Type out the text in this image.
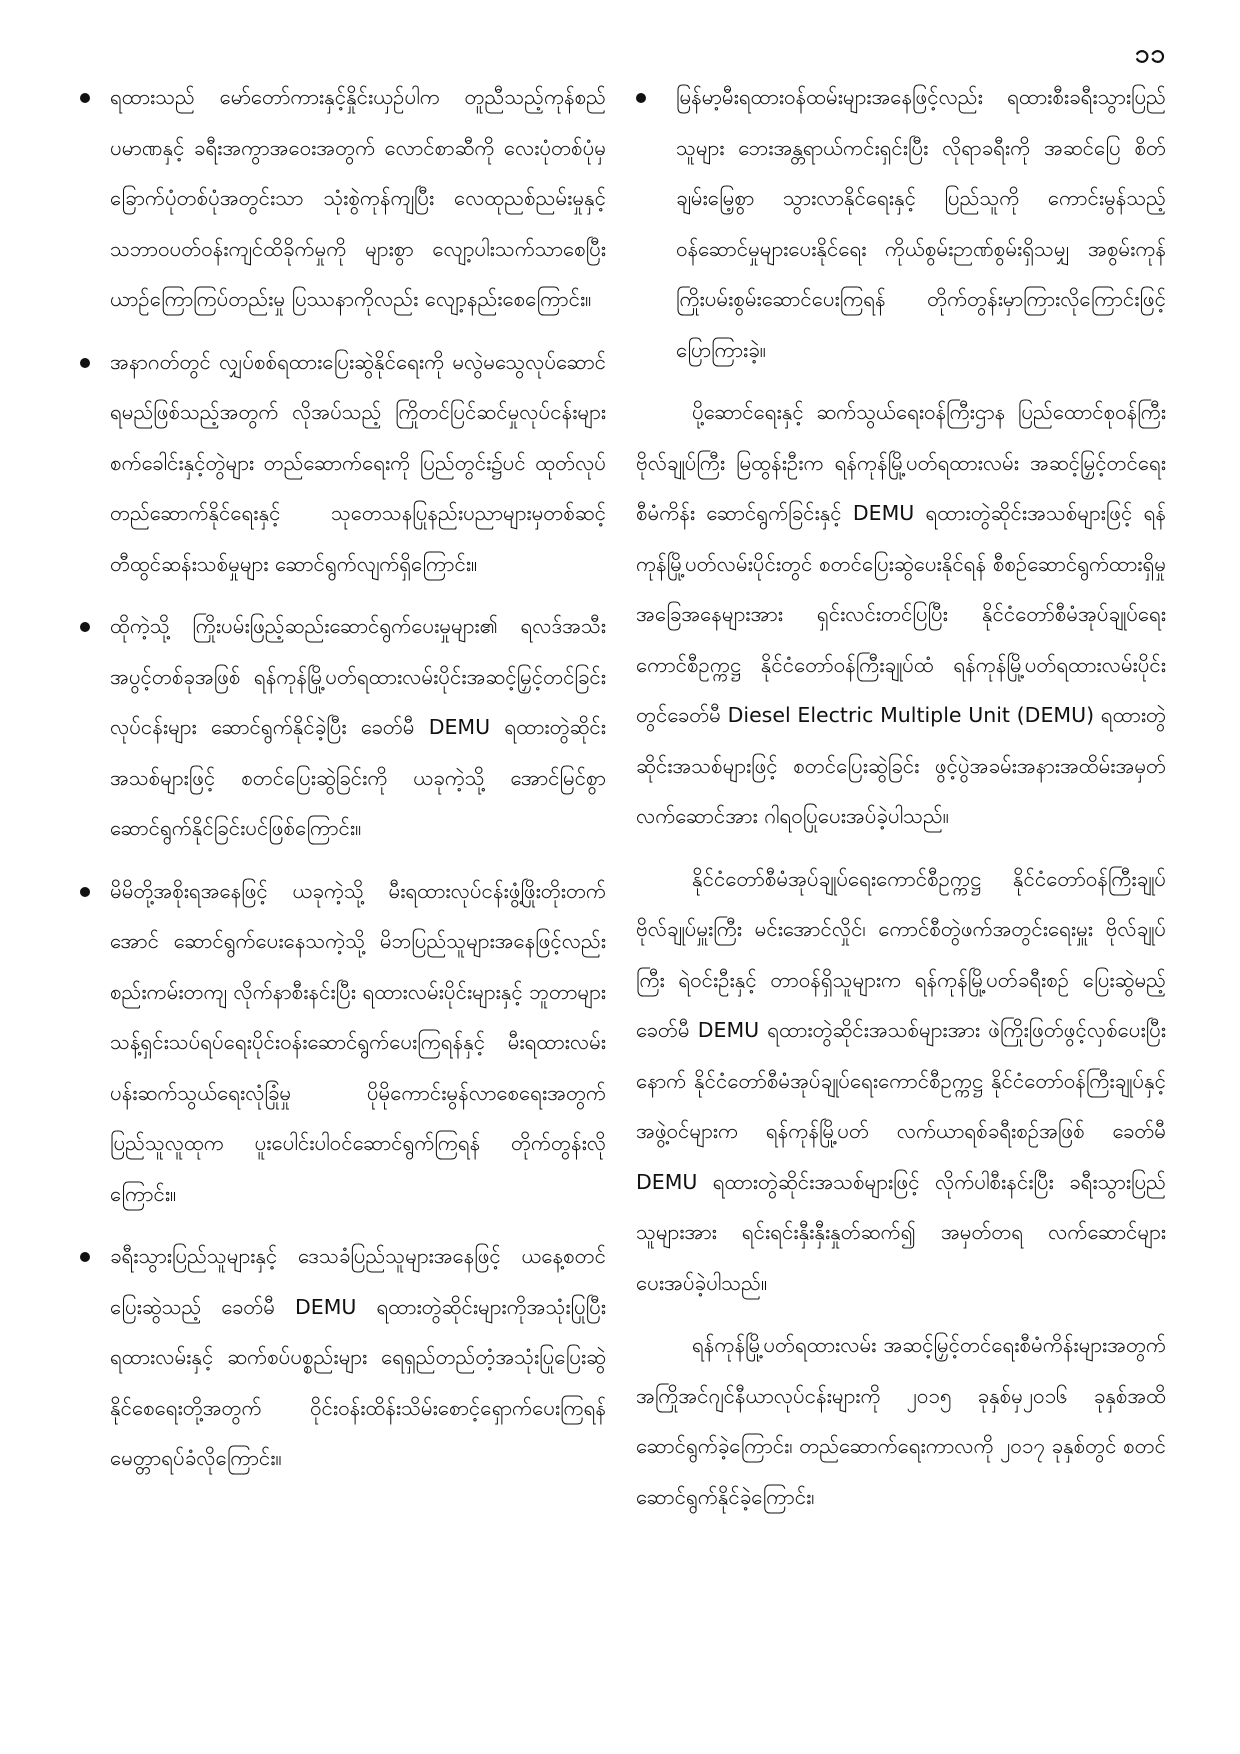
၁၁
ရထားသည် မော်တော်ကားနှင့်နှိုင်းယှဉ်ပါက တူညီသည့်ကုန်စည်ပမာဏနှင့် ခရီးအကွာအဝေးအတွက် လောင်စာဆီကို လေးပုံတစ်ပုံမှခြောက်ပုံတစ်ပုံအတွင်းသာ သုံးစွဲကုန်ကျပြီး လေထုညစ်ညမ်းမှုနှင့် သဘာဝပတ်ဝန်းကျင်ထိခိုက်မှုကို များစွာ လျော့ပါးသက်သာစေပြီး ယာဉ်ကြောကြပ်တည်းမှု ပြဿနာကိုလည်း လျော့နည်းစေကြောင်း။
အနာဂတ်တွင် လျှပ်စစ်ရထားပြေးဆွဲနိုင်ရေးကို မလွဲမသွေလုပ်ဆောင်ရမည်ဖြစ်သည့်အတွက် လိုအပ်သည့် ကြိုတင်ပြင်ဆင်မှုလုပ်ငန်းများ စက်ခေါင်းနှင့်တွဲများ တည်ဆောက်ရေးကို ပြည်တွင်း၌ပင် ထုတ်လုပ်တည်ဆောက်နိုင်ရေးနှင့် သုတေသနပြုနည်းပညာများမှတစ်ဆင့် တီထွင်ဆန်းသစ်မှုများ ဆောင်ရွက်လျက်ရှိကြောင်း။
ထိုကဲ့သို့ ကြိုးပမ်းဖြည့်ဆည်းဆောင်ရွက်ပေးမှုများ၏ ရလဒ်အသီးအပွင့်တစ်ခုအဖြစ် ရန်ကုန်မြို့ပတ်ရထားလမ်းပိုင်းအဆင့်မြှင့်တင်ခြင်းလုပ်ငန်းများ ဆောင်ရွက်နိုင်ခဲ့ပြီး ခေတ်မီ DEMU ရထားတွဲဆိုင်းအသစ်များဖြင့် စတင်ပြေးဆွဲခြင်းကို ယခုကဲ့သို့ အောင်မြင်စွာ ဆောင်ရွက်နိုင်ခြင်းပင်ဖြစ်ကြောင်း။
မိမိတို့အစိုးရအနေဖြင့် ယခုကဲ့သို့ မီးရထားလုပ်ငန်းဖွံ့ဖြိုးတိုးတက်အောင် ဆောင်ရွက်ပေးနေသကဲ့သို့ မိဘပြည်သူများအနေဖြင့်လည်း စည်းကမ်းတကျ လိုက်နာစီးနင်းပြီး ရထားလမ်းပိုင်းများနှင့် ဘူတာများ သန့်ရှင်းသပ်ရပ်ရေးပိုင်းဝန်းဆောင်ရွက်ပေးကြရန်နှင့် မီးရထားလမ်းပန်းဆက်သွယ်ရေးလုံခြုံမှု ပိုမိုကောင်းမွန်လာစေရေးအတွက် ပြည်သူလူထုက ပူးပေါင်းပါဝင်ဆောင်ရွက်ကြရန် တိုက်တွန်းလိုကြောင်း။
ခရီးသွားပြည်သူများနှင့် ဒေသခံပြည်သူများအနေဖြင့် ယနေ့စတင်ပြေးဆွဲသည့် ခေတ်မီ DEMU ရထားတွဲဆိုင်းများကိုအသုံးပြုပြီး ရထားလမ်းနှင့် ဆက်စပ်ပစ္စည်းများ ရေရှည်တည်တံ့အသုံးပြုပြေးဆွဲနိုင်စေရေးတို့အတွက် ဝိုင်းဝန်းထိန်းသိမ်းစောင့်ရှောက်ပေးကြရန် မေတ္တာရပ်ခံလိုကြောင်း။
မြန်မာ့မီးရထားဝန်ထမ်းများအနေဖြင့်လည်း ရထားစီးခရီးသွားပြည်သူများ ဘေးအန္တရာယ်ကင်းရှင်းပြီး လိုရာခရီးကို အဆင်ပြေ စိတ်ချမ်းမြေ့စွာ သွားလာနိုင်ရေးနှင့် ပြည်သူကို ကောင်းမွန်သည့်ဝန်ဆောင်မှုများပေးနိုင်ရေး ကိုယ်စွမ်းဉာဏ်စွမ်းရှိသမျှ အစွမ်းကုန်ကြိုးပမ်းစွမ်းဆောင်ပေးကြရန် တိုက်တွန်းမှာကြားလိုကြောင်းဖြင့် ပြောကြားခဲ့။

ပို့ဆောင်ရေးနှင့် ဆက်သွယ်ရေးဝန်ကြီးဌာန ပြည်ထောင်စုဝန်ကြီး ဗိုလ်ချုပ်ကြီး မြထွန်းဦးက ရန်ကုန်မြို့ပတ်ရထားလမ်း အဆင့်မြှင့်တင်ရေးစီမံကိန်း ဆောင်ရွက်ခြင်းနှင့် DEMU ရထားတွဲဆိုင်းအသစ်များဖြင့် ရန်ကုန်မြို့ပတ်လမ်းပိုင်းတွင် စတင်ပြေးဆွဲပေးနိုင်ရန် စီစဉ်ဆောင်ရွက်ထားရှိမှုအခြေအနေများအား ရှင်းလင်းတင်ပြပြီး နိုင်ငံတော်စီမံအုပ်ချုပ်ရေးကောင်စီဥက္ကဋ္ဌ နိုင်ငံတော်ဝန်ကြီးချုပ်ထံ ရန်ကုန်မြို့ပတ်ရထားလမ်းပိုင်းတွင်ခေတ်မီ Diesel Electric Multiple Unit (DEMU) ရထားတွဲဆိုင်းအသစ်များဖြင့် စတင်ပြေးဆွဲခြင်း ဖွင့်ပွဲအခမ်းအနားအထိမ်းအမှတ်လက်ဆောင်အား ဂါရဝပြုပေးအပ်ခဲ့ပါသည်။

နိုင်ငံတော်စီမံအုပ်ချုပ်ရေးကောင်စီဥက္ကဋ္ဌ နိုင်ငံတော်ဝန်ကြီးချုပ် ဗိုလ်ချုပ်မှူးကြီး မင်းအောင်လှိုင်၊ ကောင်စီတွဲဖက်အတွင်းရေးမှူး ဗိုလ်ချုပ်ကြီး ရဲဝင်းဦးနှင့် တာဝန်ရှိသူများက ရန်ကုန်မြို့ပတ်ခရီးစဉ် ပြေးဆွဲမည့် ခေတ်မီ DEMU ရထားတွဲဆိုင်းအသစ်များအား ဖဲကြိုးဖြတ်ဖွင့်လှစ်ပေးပြီးနောက် နိုင်ငံတော်စီမံအုပ်ချုပ်ရေးကောင်စီဥက္ကဋ္ဌ နိုင်ငံတော်ဝန်ကြီးချုပ်နှင့် အဖွဲ့ဝင်များက ရန်ကုန်မြို့ပတ် လက်ယာရစ်ခရီးစဉ်အဖြစ် ခေတ်မီ DEMU ရထားတွဲဆိုင်းအသစ်များဖြင့် လိုက်ပါစီးနင်းပြီး ခရီးသွားပြည်သူများအား ရင်းရင်းနှီးနှီးနှုတ်ဆက်၍ အမှတ်တရ လက်ဆောင်များ ပေးအပ်ခဲ့ပါသည်။

ရန်ကုန်မြို့ပတ်ရထားလမ်း အဆင့်မြှင့်တင်ရေးစီမံကိန်းများအတွက် အကြိုအင်ဂျင်နီယာလုပ်ငန်းများကို ၂၀၁၅ ခုနှစ်မှ၂၀၁၆ ခုနှစ်အထိ ဆောင်ရွက်ခဲ့ကြောင်း၊ တည်ဆောက်ရေးကာလကို ၂၀၁၇ ခုနှစ်တွင် စတင်ဆောင်ရွက်နိုင်ခဲ့ကြောင်း၊
